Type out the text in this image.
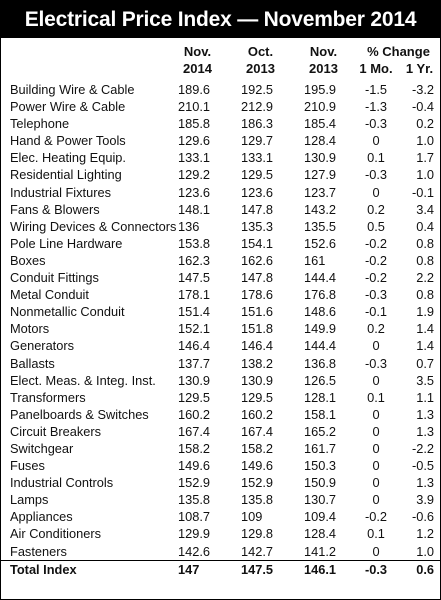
Electrical Price Index — November 2014
	Nov.	Oct.	Nov.	% Change	
	2014	2013	2013	1 Mo.	1 Yr.
Building Wire & Cable	189.6	192.5	195.9	-1.5	-3.2
Power Wire & Cable	210.1	212.9	210.9	-1.3	-0.4
Telephone	185.8	186.3	185.4	-0.3	0.2
Hand & Power Tools	129.6	129.7	128.4	0	1.0
Elec. Heating Equip.	133.1	133.1	130.9	0.1	1.7
Residential Lighting	129.2	129.5	127.9	-0.3	1.0
Industrial Fixtures	123.6	123.6	123.7	0	-0.1
Fans & Blowers	148.1	147.8	143.2	0.2	3.4
Wiring Devices & Connectors	136	135.3	135.5	0.5	0.4
Pole Line Hardware	153.8	154.1	152.6	-0.2	0.8
Boxes	162.3	162.6	161	-0.2	0.8
Conduit Fittings	147.5	147.8	144.4	-0.2	2.2
Metal Conduit	178.1	178.6	176.8	-0.3	0.8
Nonmetallic Conduit	151.4	151.6	148.6	-0.1	1.9
Motors	152.1	151.8	149.9	0.2	1.4
Generators	146.4	146.4	144.4	0	1.4
Ballasts	137.7	138.2	136.8	-0.3	0.7
Elect. Meas. & Integ. Inst.	130.9	130.9	126.5	0	3.5
Transformers	129.5	129.5	128.1	0.1	1.1
Panelboards & Switches	160.2	160.2	158.1	0	1.3
Circuit Breakers	167.4	167.4	165.2	0	1.3
Switchgear	158.2	158.2	161.7	0	-2.2
Fuses	149.6	149.6	150.3	0	-0.5
Industrial Controls	152.9	152.9	150.9	0	1.3
Lamps	135.8	135.8	130.7	0	3.9
Appliances	108.7	109	109.4	-0.2	-0.6
Air Conditioners	129.9	129.8	128.4	0.1	1.2
Fasteners	142.6	142.7	141.2	0	1.0
Total Index	147	147.5	146.1	-0.3	0.6
